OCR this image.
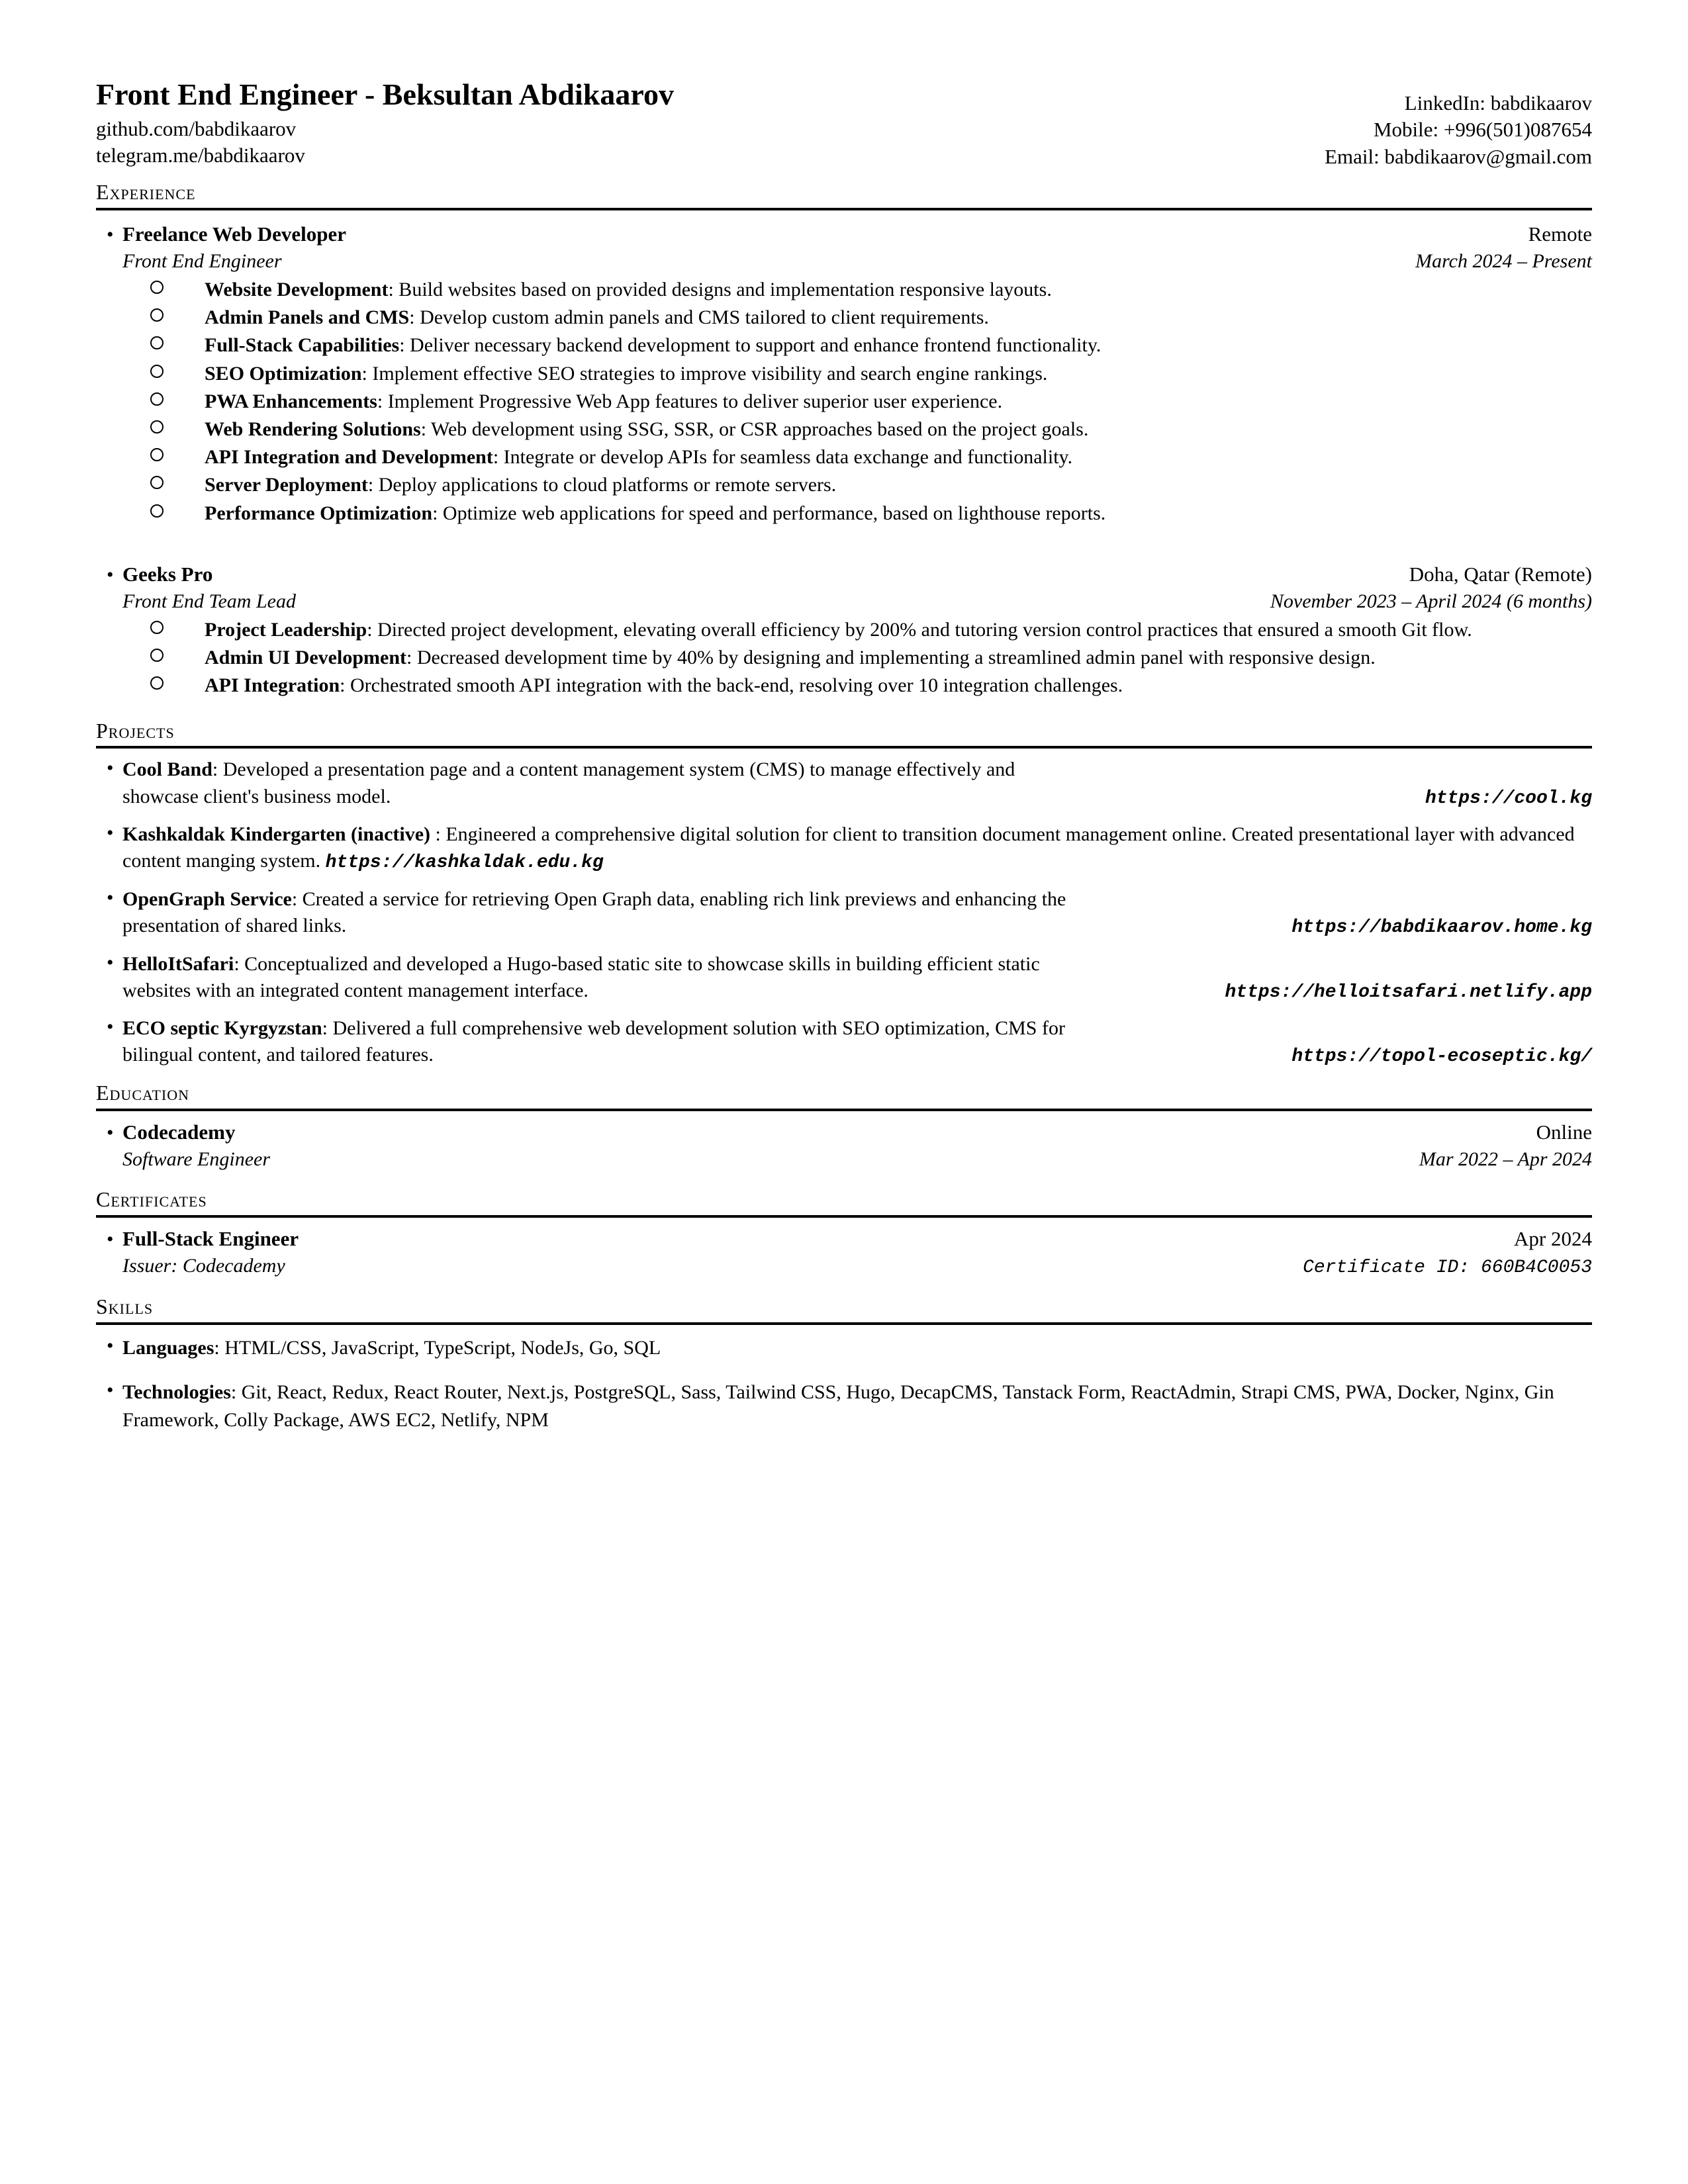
Front End Engineer - Beksultan Abdikaarov
github.com/babdikaarov
telegram.me/babdikaarov
LinkedIn: babdikaarov
Mobile: +996(501)087654
Email: babdikaarov@gmail.com
Experience
• Freelance Web Developer	Remote
Front End Engineer	March 2024 – Present
Website Development: Build websites based on provided designs and implementation responsive layouts.
Admin Panels and CMS: Develop custom admin panels and CMS tailored to client requirements.
Full-Stack Capabilities: Deliver necessary backend development to support and enhance frontend functionality.
SEO Optimization: Implement effective SEO strategies to improve visibility and search engine rankings.
PWA Enhancements: Implement Progressive Web App features to deliver superior user experience.
Web Rendering Solutions: Web development using SSG, SSR, or CSR approaches based on the project goals.
API Integration and Development: Integrate or develop APIs for seamless data exchange and functionality.
Server Deployment: Deploy applications to cloud platforms or remote servers.
Performance Optimization: Optimize web applications for speed and performance, based on lighthouse reports.
• Geeks Pro	Doha, Qatar (Remote)
Front End Team Lead	November 2023 – April 2024 (6 months)
Project Leadership: Directed project development, elevating overall efficiency by 200% and tutoring version control practices that ensured a smooth Git flow.
Admin UI Development: Decreased development time by 40% by designing and implementing a streamlined admin panel with responsive design.
API Integration: Orchestrated smooth API integration with the back-end, resolving over 10 integration challenges.
Projects
• Cool Band: Developed a presentation page and a content management system (CMS) to manage effectively and
showcase client's business model.	https://cool.kg
• Kashkaldak Kindergarten (inactive) : Engineered a comprehensive digital solution for client to transition document management online. Created presentational layer with advanced content manging system. https://kashkaldak.edu.kg
• OpenGraph Service: Created a service for retrieving Open Graph data, enabling rich link previews and enhancing the
presentation of shared links.	https://babdikaarov.home.kg
• HelloItSafari: Conceptualized and developed a Hugo-based static site to showcase skills in building efficient static
websites with an integrated content management interface.	https://helloitsafari.netlify.app
• ECO septic Kyrgyzstan: Delivered a full comprehensive web development solution with SEO optimization, CMS for
bilingual content, and tailored features.	https://topol-ecoseptic.kg/
Education
• Codecademy	Online
Software Engineer	Mar 2022 – Apr 2024
Certificates
• Full-Stack Engineer	Apr 2024
Issuer: Codecademy	Certificate ID: 660B4C0053
Skills
• Languages: HTML/CSS, JavaScript, TypeScript, NodeJs, Go, SQL
• Technologies: Git, React, Redux, React Router, Next.js, PostgreSQL, Sass, Tailwind CSS, Hugo, DecapCMS, Tanstack Form, ReactAdmin, Strapi CMS, PWA, Docker, Nginx, Gin Framework, Colly Package, AWS EC2, Netlify, NPM
